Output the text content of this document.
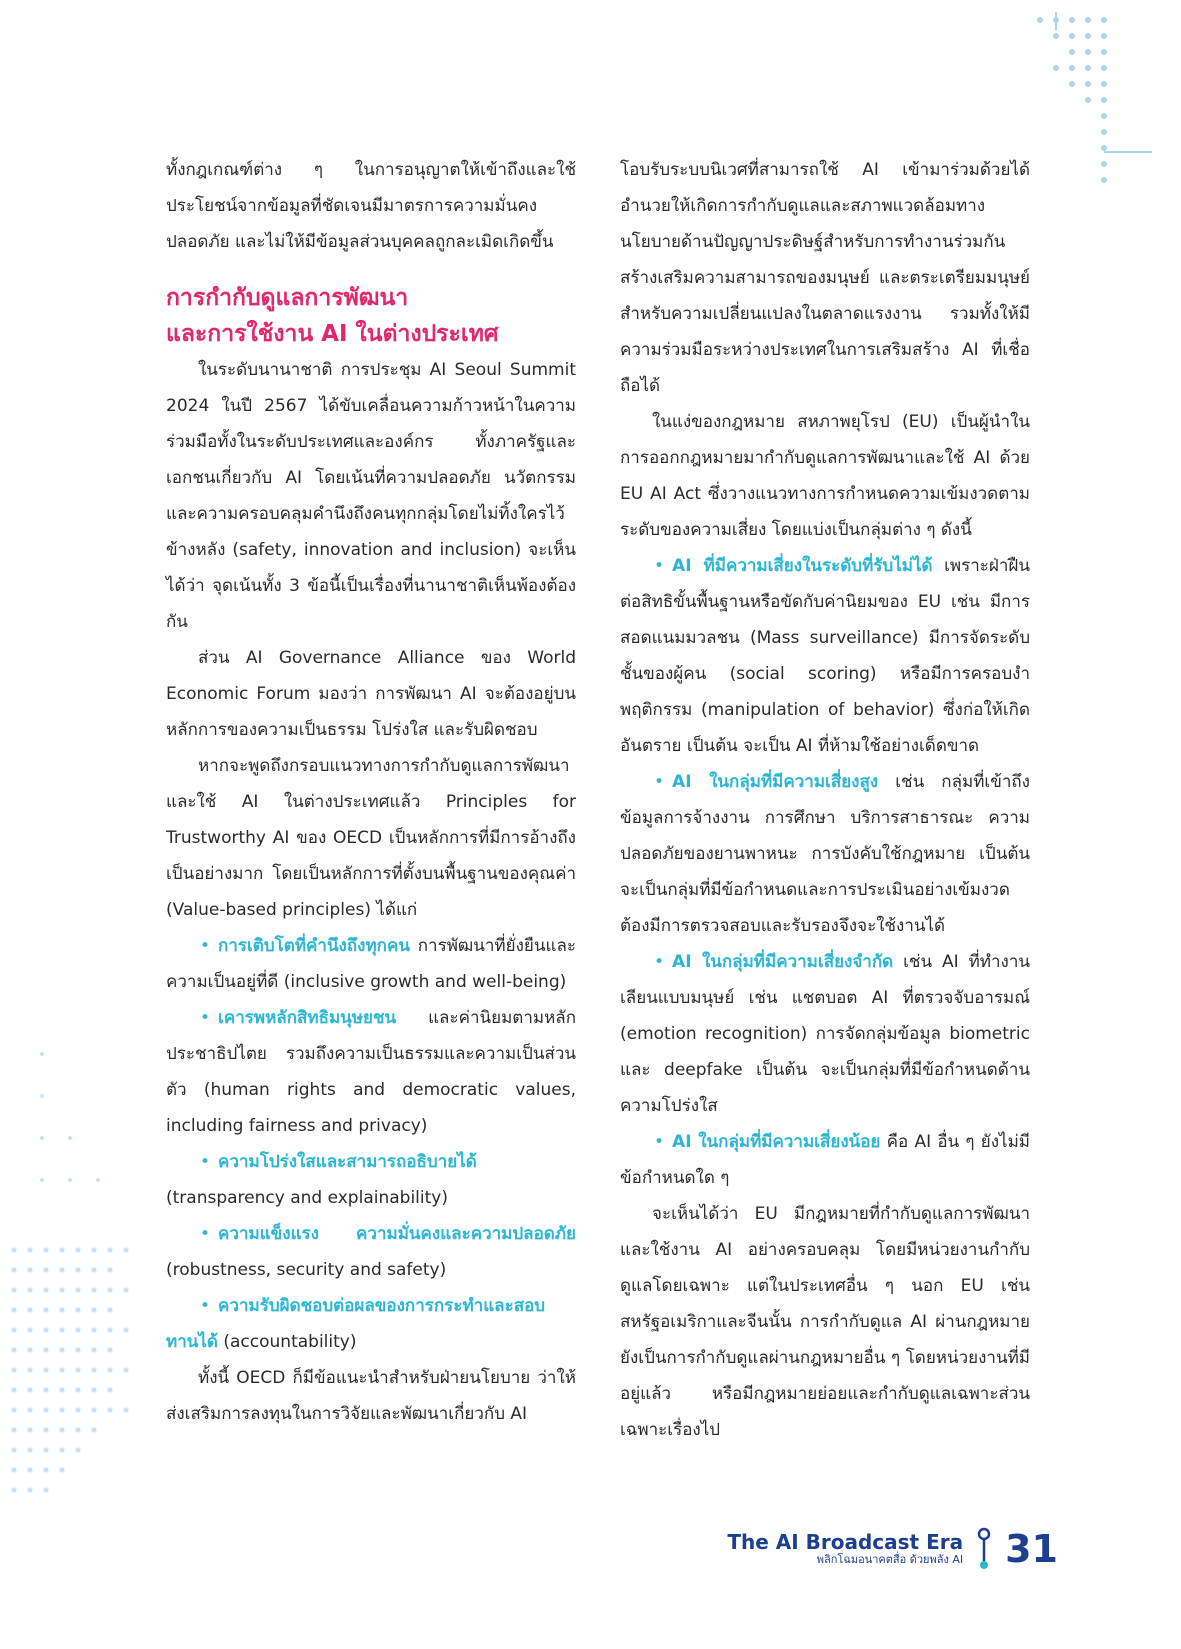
ทั้งกฎเกณฑ์ต่าง ๆ ในการอนุญาตให้เข้าถึงและใช้ประโยชน์จากข้อมูลที่ชัดเจนมีมาตรการความมั่นคงปลอดภัย และไม่ให้มีข้อมูลส่วนบุคคลถูกละเมิดเกิดขึ้น

การกำกับดูแลการพัฒนา
และการใช้งาน AI ในต่างประเทศ

ในระดับนานาชาติ การประชุม AI Seoul Summit 2024 ในปี 2567 ได้ขับเคลื่อนความก้าวหน้าในความร่วมมือทั้งในระดับประเทศและองค์กร ทั้งภาครัฐและเอกชนเกี่ยวกับ AI โดยเน้นที่ความปลอดภัย นวัตกรรม และความครอบคลุมคำนึงถึงคนทุกกลุ่มโดยไม่ทิ้งใครไว้ข้างหลัง (safety, innovation and inclusion) จะเห็นได้ว่า จุดเน้นทั้ง 3 ข้อนี้เป็นเรื่องที่นานาชาติเห็นพ้องต้องกัน

ส่วน AI Governance Alliance ของ World Economic Forum มองว่า การพัฒนา AI จะต้องอยู่บนหลักการของความเป็นธรรม โปร่งใส และรับผิดชอบ

หากจะพูดถึงกรอบแนวทางการกำกับดูแลการพัฒนาและใช้ AI ในต่างประเทศแล้ว Principles for Trustworthy AI ของ OECD เป็นหลักการที่มีการอ้างถึงเป็นอย่างมาก โดยเป็นหลักการที่ตั้งบนพื้นฐานของคุณค่า (Value-based principles) ได้แก่

• การเติบโตที่คำนึงถึงทุกคน การพัฒนาที่ยั่งยืนและความเป็นอยู่ที่ดี (inclusive growth and well-being)

• เคารพหลักสิทธิมนุษยชน และค่านิยมตามหลักประชาธิปไตย รวมถึงความเป็นธรรมและความเป็นส่วนตัว (human rights and democratic values, including fairness and privacy)

• ความโปร่งใสและสามารถอธิบายได้ (transparency and explainability)

• ความแข็งแรง ความมั่นคงและความปลอดภัย (robustness, security and safety)

• ความรับผิดชอบต่อผลของการกระทำและสอบทานได้ (accountability)

ทั้งนี้ OECD ก็มีข้อแนะนำสำหรับฝ่ายนโยบาย ว่าให้ส่งเสริมการลงทุนในการวิจัยและพัฒนาเกี่ยวกับ AI

โอบรับระบบนิเวศที่สามารถใช้ AI เข้ามาร่วมด้วยได้ อำนวยให้เกิดการกำกับดูแลและสภาพแวดล้อมทางนโยบายด้านปัญญาประดิษฐ์สำหรับการทำงานร่วมกัน สร้างเสริมความสามารถของมนุษย์ และตระเตรียมมนุษย์สำหรับความเปลี่ยนแปลงในตลาดแรงงาน รวมทั้งให้มีความร่วมมือระหว่างประเทศในการเสริมสร้าง AI ที่เชื่อถือได้

ในแง่ของกฎหมาย สหภาพยุโรป (EU) เป็นผู้นำในการออกกฎหมายมากำกับดูแลการพัฒนาและใช้ AI ด้วย EU AI Act ซึ่งวางแนวทางการกำหนดความเข้มงวดตามระดับของความเสี่ยง โดยแบ่งเป็นกลุ่มต่าง ๆ ดังนี้

• AI ที่มีความเสี่ยงในระดับที่รับไม่ได้ เพราะฝ่าฝืนต่อสิทธิขั้นพื้นฐานหรือขัดกับค่านิยมของ EU เช่น มีการสอดแนมมวลชน (Mass surveillance) มีการจัดระดับชั้นของผู้คน (social scoring) หรือมีการครอบงำพฤติกรรม (manipulation of behavior) ซึ่งก่อให้เกิดอันตราย เป็นต้น จะเป็น AI ที่ห้ามใช้อย่างเด็ดขาด

• AI ในกลุ่มที่มีความเสี่ยงสูง เช่น กลุ่มที่เข้าถึงข้อมูลการจ้างงาน การศึกษา บริการสาธารณะ ความปลอดภัยของยานพาหนะ การบังคับใช้กฎหมาย เป็นต้น จะเป็นกลุ่มที่มีข้อกำหนดและการประเมินอย่างเข้มงวด ต้องมีการตรวจสอบและรับรองจึงจะใช้งานได้

• AI ในกลุ่มที่มีความเสี่ยงจำกัด เช่น AI ที่ทำงานเลียนแบบมนุษย์ เช่น แชตบอต AI ที่ตรวจจับอารมณ์ (emotion recognition) การจัดกลุ่มข้อมูล biometric และ deepfake เป็นต้น จะเป็นกลุ่มที่มีข้อกำหนดด้านความโปร่งใส

• AI ในกลุ่มที่มีความเสี่ยงน้อย คือ AI อื่น ๆ ยังไม่มีข้อกำหนดใด ๆ

จะเห็นได้ว่า EU มีกฎหมายที่กำกับดูแลการพัฒนาและใช้งาน AI อย่างครอบคลุม โดยมีหน่วยงานกำกับดูแลโดยเฉพาะ แต่ในประเทศอื่น ๆ นอก EU เช่น สหรัฐอเมริกาและจีนนั้น การกำกับดูแล AI ผ่านกฎหมายยังเป็นการกำกับดูแลผ่านกฎหมายอื่น ๆ โดยหน่วยงานที่มีอยู่แล้ว หรือมีกฎหมายย่อยและกำกับดูแลเฉพาะส่วน เฉพาะเรื่องไป

The AI Broadcast Era
พลิกโฉมอนาคตสื่อ ด้วยพลัง AI 31
